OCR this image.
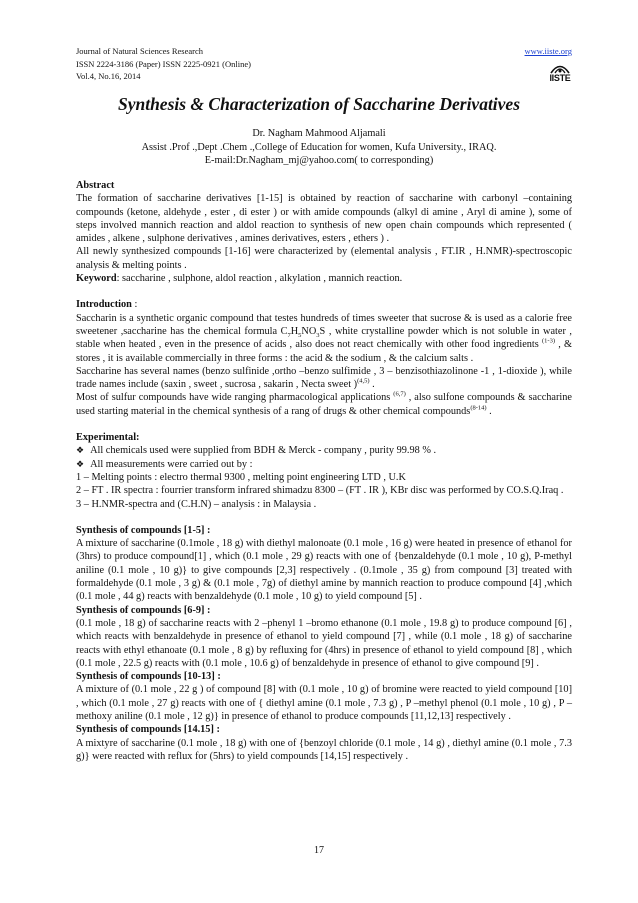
Journal of Natural Sciences Research
ISSN 2224-3186 (Paper) ISSN 2225-0921 (Online)
Vol.4, No.16, 2014
www.iiste.org
IISTE
Synthesis & Characterization of Saccharine Derivatives
Dr. Nagham Mahmood Aljamali
Assist .Prof .,Dept .Chem .,College of Education for women, Kufa University., IRAQ.
E-mail:Dr.Nagham_mj@yahoo.com( to corresponding)

Abstract

The formation of saccharine derivatives [1-15] is obtained by reaction of saccharine with carbonyl –containing compounds (ketone, aldehyde , ester , di ester ) or with amide compounds (alkyl di amine , Aryl di amine ), some of steps involved mannich reaction and aldol reaction to synthesis of new open chain compounds which represented ( amides , alkene , sulphone derivatives , amines derivatives, esters , ethers ) .

All newly synthesized compounds [1-16] were characterized by (elemental analysis , FT.IR , H.NMR)-spectroscopic analysis & melting points .

Keyword: saccharine , sulphone, aldol reaction , alkylation , mannich reaction.

Introduction :

Saccharin is a synthetic organic compound that testes hundreds of times sweeter that sucrose & is used as a calorie free sweetener ,saccharine has the chemical formula $C_7H_5NO_3S$ , white crystalline powder which is not soluble in water , stable when heated , even in the presence of acids , also does not react chemically with other food ingredients $^{(1-3)}$ , & stores , it is available commercially in three forms : the acid & the sodium , & the calcium salts .

Saccharine has several names (benzo sulfinide ,ortho –benzo sulfimide , 3 – benzisothiazolinone -1 , 1-dioxide ), while trade names include (saxin , sweet , sucrosa , sakarin , Necta sweet )$^{(4,5)}$ .

Most of sulfur compounds have wide ranging pharmacological applications $^{(6,7)}$ , also sulfone compounds & saccharine used starting material in the chemical synthesis of a rang of drugs & other chemical compounds$^{(8-14)}$ .

Experimental:

❖ All chemicals used were supplied from BDH & Merck - company , purity 99.98 % .

❖ All measurements were carried out by :

1 – Melting points : electro thermal 9300 , melting point engineering LTD , U.K

2 – FT . IR spectra : fourrier transform infrared shimadzu 8300 – (FT . IR ), KBr disc was performed by CO.S.Q.Iraq .

3 – H.NMR-spectra and (C.H.N) – analysis : in Malaysia .

Synthesis of compounds [1-5] :

A mixture of saccharine (0.1mole , 18 g) with diethyl malonoate (0.1 mole , 16 g) were heated in presence of ethanol for (3hrs) to produce compound[1] , which (0.1 mole , 29 g) reacts with one of {benzaldehyde (0.1 mole , 10 g), P-methyl aniline (0.1 mole , 10 g)} to give compounds [2,3] respectively . (0.1mole , 35 g) from compound [3] treated with formaldehyde (0.1 mole , 3 g) & (0.1 mole , 7g) of diethyl amine by mannich reaction to produce compound [4] ,which (0.1 mole , 44 g) reacts with benzaldehyde (0.1 mole , 10 g) to yield compound [5] .

Synthesis of compounds [6-9] :

(0.1 mole , 18 g) of saccharine reacts with 2 –phenyl 1 –bromo ethanone (0.1 mole , 19.8 g) to produce compound [6] , which reacts with benzaldehyde in presence of ethanol to yield compound [7] , while (0.1 mole , 18 g) of saccharine reacts with ethyl ethanoate (0.1 mole , 8 g) by refluxing for (4hrs) in presence of ethanol to yield compound [8] , which (0.1 mole , 22.5 g) reacts with (0.1 mole , 10.6 g) of benzaldehyde in presence of ethanol to give compound [9] .

Synthesis of compounds [10-13] :

A mixture of (0.1 mole , 22 g ) of compound [8] with (0.1 mole , 10 g) of bromine were reacted to yield compound [10] , which (0.1 mole , 27 g) reacts with one of { diethyl amine (0.1 mole , 7.3 g) , P –methyl phenol (0.1 mole , 10 g) , P –methoxy aniline (0.1 mole , 12 g)} in presence of ethanol to produce compounds [11,12,13] respectively .

Synthesis of compounds [14.15] :

A mixtyre of saccharine (0.1 mole , 18 g) with one of {benzoyl chloride (0.1 mole , 14 g) , diethyl amine (0.1 mole , 7.3 g)} were reacted with reflux for (5hrs) to yield compounds [14,15] respectively .

17
